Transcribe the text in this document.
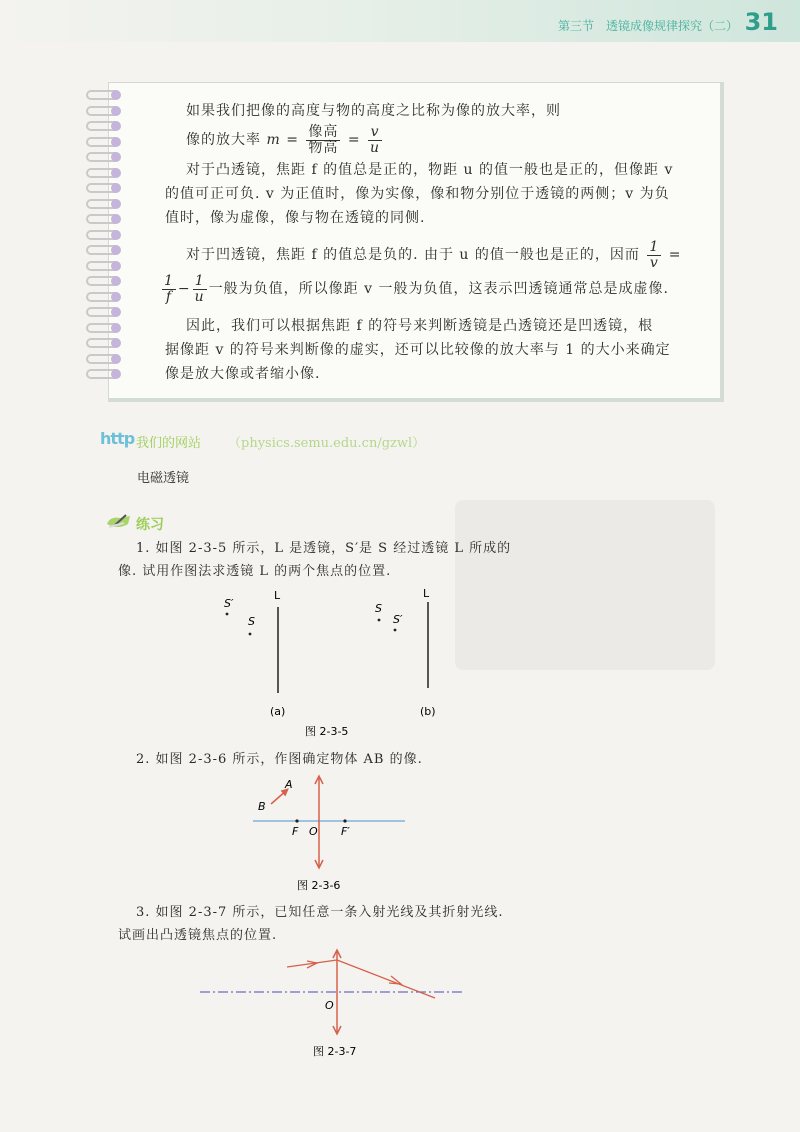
第三节　透镜成像规律探究（二） 31
如果我们把像的高度与物的高度之比称为像的放大率，则
像的放大率 $m = \frac{\text{像高}}{\text{物高}} = \frac{v}{u}$
对于凸透镜，焦距 f 的值总是正的，物距 u 的值一般也是正的，但像距 v
的值可正可负. v 为正值时，像为实像，像和物分别位于透镜的两侧；v 为负
值时，像为虚像，像与物在透镜的同侧.
对于凹透镜，焦距 f 的值总是负的. 由于 u 的值一般也是正的，因而 $\frac{1}{v}$ =
$\frac{1}{f} - \frac{1}{u}$ 一般为负值，所以像距 v 一般为负值，这表示凹透镜通常总是成虚像.
因此，我们可以根据焦距 f 的符号来判断透镜是凸透镜还是凹透镜，根
据像距 v 的符号来判断像的虚实，还可以比较像的放大率与 1 的大小来确定
像是放大像或者缩小像.
http 我们的网站 （physics.semu.edu.cn/gzwl）
电磁透镜
练习
1. 如图 2-3-5 所示，L 是透镜，S′是 S 经过透镜 L 所成的
像. 试用作图法求透镜 L 的两个焦点的位置.
L
S′
S
(a)
L
S
S′
(b)
图 2-3-5
2. 如图 2-3-6 所示，作图确定物体 AB 的像.
A
B
F O F′
图 2-3-6
3. 如图 2-3-7 所示，已知任意一条入射光线及其折射光线.
试画出凸透镜焦点的位置.
O
图 2-3-7
